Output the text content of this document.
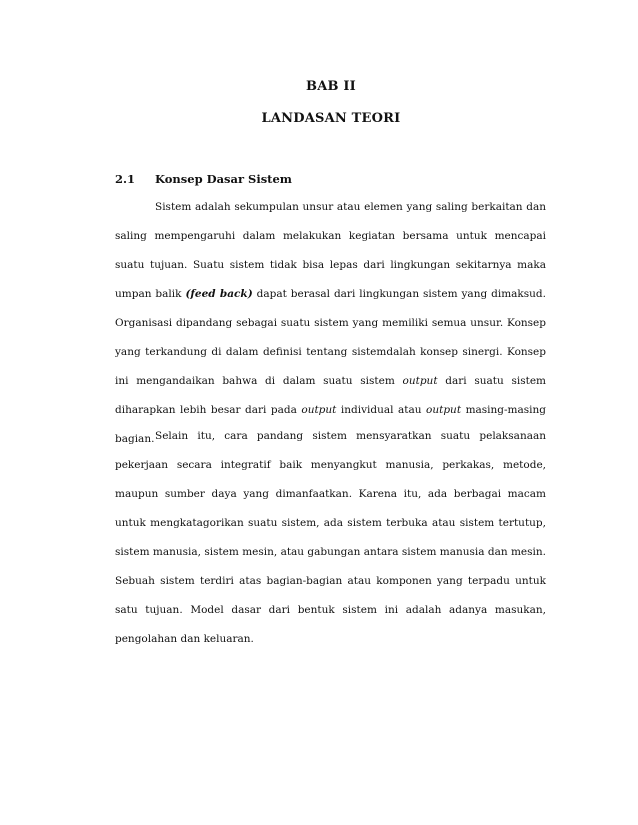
BAB II
LANDASAN TEORI
2.1 Konsep Dasar Sistem

Sistem adalah sekumpulan unsur atau elemen yang saling berkaitan dan saling mempengaruhi dalam melakukan kegiatan bersama untuk mencapai suatu tujuan. Suatu sistem tidak bisa lepas dari lingkungan sekitarnya maka umpan balik (feed back) dapat berasal dari lingkungan sistem yang dimaksud. Organisasi dipandang sebagai suatu sistem yang memiliki semua unsur. Konsep yang terkandung di dalam definisi tentang sistemdalah konsep sinergi. Konsep ini mengandaikan bahwa di dalam suatu sistem output dari suatu sistem diharapkan lebih besar dari pada output individual atau output masing-masing bagian. Selain itu, cara pandang sistem mensyaratkan suatu pelaksanaan pekerjaan secara integratif baik menyangkut manusia, perkakas, metode, maupun sumber daya yang dimanfaatkan. Karena itu, ada berbagai macam untuk mengkatagorikan suatu sistem, ada sistem terbuka atau sistem tertutup, sistem manusia, sistem mesin, atau gabungan antara sistem manusia dan mesin. Sebuah sistem terdiri atas bagian-bagian atau komponen yang terpadu untuk satu tujuan. Model dasar dari bentuk sistem ini adalah adanya masukan, pengolahan dan keluaran.
